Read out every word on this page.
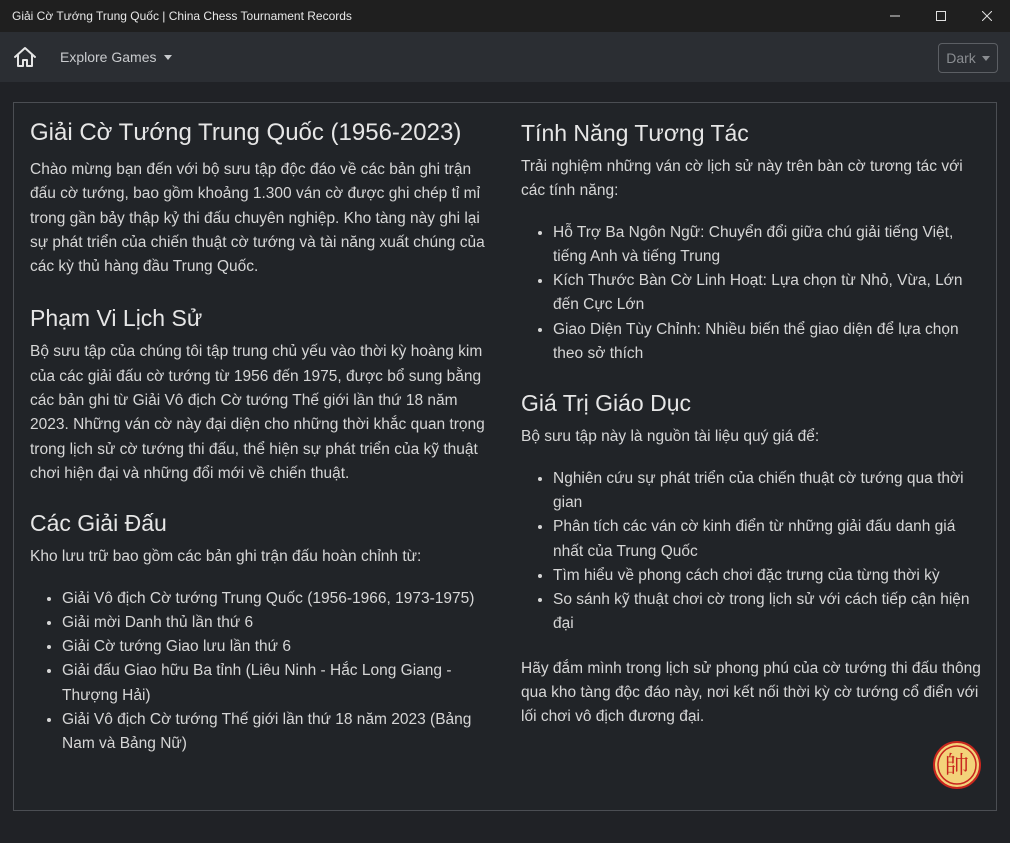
Giải Cờ Tướng Trung Quốc | China Chess Tournament Records
Explore Games	Dark
Giải Cờ Tướng Trung Quốc (1956-2023)

Chào mừng bạn đến với bộ sưu tập độc đáo về các bản ghi trận đấu cờ tướng, bao gồm khoảng 1.300 ván cờ được ghi chép tỉ mỉ trong gần bảy thập kỷ thi đấu chuyên nghiệp. Kho tàng này ghi lại sự phát triển của chiến thuật cờ tướng và tài năng xuất chúng của các kỳ thủ hàng đầu Trung Quốc.

Phạm Vi Lịch Sử

Bộ sưu tập của chúng tôi tập trung chủ yếu vào thời kỳ hoàng kim của các giải đấu cờ tướng từ 1956 đến 1975, được bổ sung bằng các bản ghi từ Giải Vô địch Cờ tướng Thế giới lần thứ 18 năm 2023. Những ván cờ này đại diện cho những thời khắc quan trọng trong lịch sử cờ tướng thi đấu, thể hiện sự phát triển của kỹ thuật chơi hiện đại và những đổi mới về chiến thuật.

Các Giải Đấu

Kho lưu trữ bao gồm các bản ghi trận đấu hoàn chỉnh từ:

• Giải Vô địch Cờ tướng Trung Quốc (1956-1966, 1973-1975)
• Giải mời Danh thủ lần thứ 6
• Giải Cờ tướng Giao lưu lần thứ 6
• Giải đấu Giao hữu Ba tỉnh (Liêu Ninh - Hắc Long Giang - Thượng Hải)
• Giải Vô địch Cờ tướng Thế giới lần thứ 18 năm 2023 (Bảng Nam và Bảng Nữ)
Tính Năng Tương Tác

Trải nghiệm những ván cờ lịch sử này trên bàn cờ tương tác với các tính năng:

• Hỗ Trợ Ba Ngôn Ngữ: Chuyển đổi giữa chú giải tiếng Việt, tiếng Anh và tiếng Trung
• Kích Thước Bàn Cờ Linh Hoạt: Lựa chọn từ Nhỏ, Vừa, Lớn đến Cực Lớn
• Giao Diện Tùy Chỉnh: Nhiều biến thể giao diện để lựa chọn theo sở thích
Giá Trị Giáo Dục

Bộ sưu tập này là nguồn tài liệu quý giá để:

• Nghiên cứu sự phát triển của chiến thuật cờ tướng qua thời gian
• Phân tích các ván cờ kinh điển từ những giải đấu danh giá nhất của Trung Quốc
• Tìm hiểu về phong cách chơi đặc trưng của từng thời kỳ
• So sánh kỹ thuật chơi cờ trong lịch sử với cách tiếp cận hiện đại

Hãy đắm mình trong lịch sử phong phú của cờ tướng thi đấu thông qua kho tàng độc đáo này, nơi kết nối thời kỳ cờ tướng cổ điển với lối chơi vô địch đương đại.

帥
